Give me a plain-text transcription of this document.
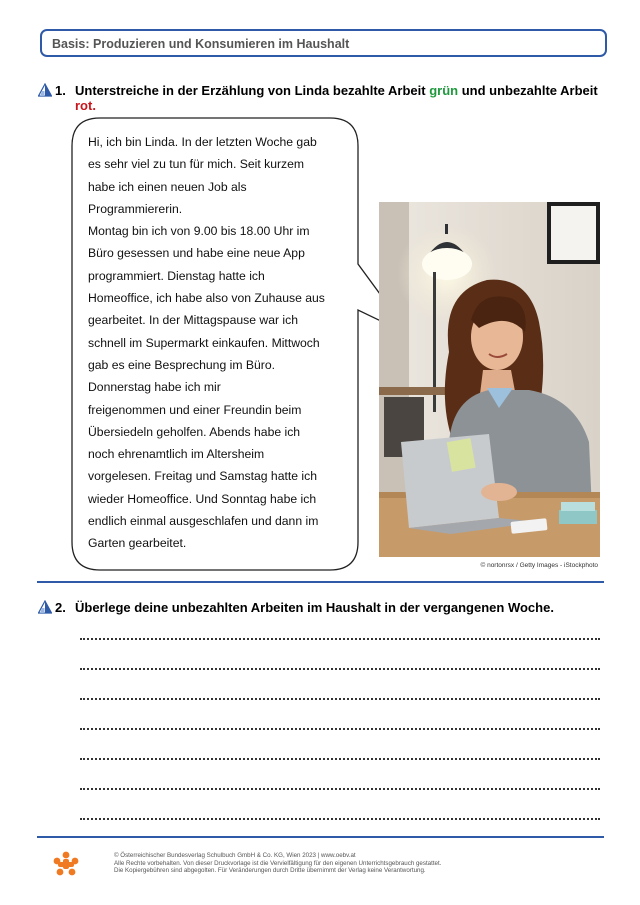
Basis: Produzieren und Konsumieren im Haushalt
1. Unterstreiche in der Erzählung von Linda bezahlte Arbeit grün und unbezahlte Arbeit
rot.

Hi, ich bin Linda. In der letzten Woche gab

es sehr viel zu tun für mich. Seit kurzem

habe ich einen neuen Job als

Programmiererin.

Montag bin ich von 9.00 bis 18.00 Uhr im

Büro gesessen und habe eine neue App

programmiert. Dienstag hatte ich

Homeoffice, ich habe also von Zuhause aus

gearbeitet. In der Mittagspause war ich

schnell im Supermarkt einkaufen. Mittwoch

gab es eine Besprechung im Büro.

Donnerstag habe ich mir

freigenommen und einer Freundin beim

Übersiedeln geholfen. Abends habe ich

noch ehrenamtlich im Altersheim

vorgelesen. Freitag und Samstag hatte ich

wieder Homeoffice. Und Sonntag habe ich

endlich einmal ausgeschlafen und dann im

Garten gearbeitet.

© nortonrsx / Getty Images - iStockphoto
2. Überlege deine unbezahlten Arbeiten im Haushalt in der vergangenen Woche.
© Österreichischer Bundesverlag Schulbuch GmbH & Co. KG, Wien 2023 | www.oebv.at
Alle Rechte vorbehalten. Von dieser Druckvorlage ist die Vervielfältigung für den eigenen Unterrichtsgebrauch gestattet.
Die Kopiergebühren sind abgegolten. Für Veränderungen durch Dritte übernimmt der Verlag keine Verantwortung.
